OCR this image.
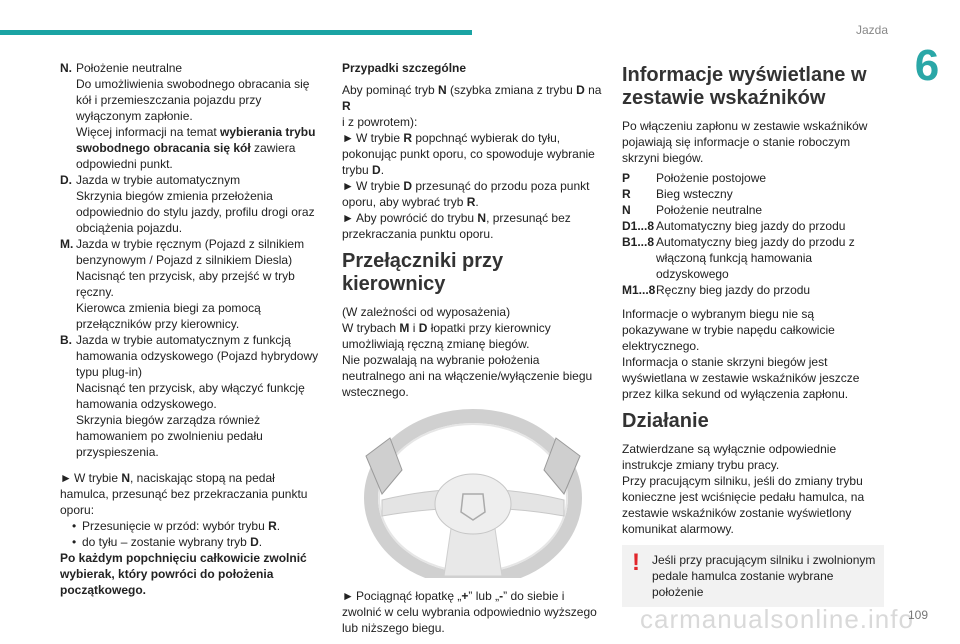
Jazda
6
N. Położenie neutralne
Do umożliwienia swobodnego obracania się kół i przemieszczania pojazdu przy wyłączonym zapłonie.
Więcej informacji na temat wybierania trybu swobodnego obracania się kół zawiera odpowiedni punkt.
D. Jazda w trybie automatycznym
Skrzynia biegów zmienia przełożenia odpowiednio do stylu jazdy, profilu drogi oraz obciążenia pojazdu.
M. Jazda w trybie ręcznym (Pojazd z silnikiem benzynowym / Pojazd z silnikiem Diesla)
Nacisnąć ten przycisk, aby przejść w tryb ręczny.
Kierowca zmienia biegi za pomocą przełączników przy kierownicy.
B. Jazda w trybie automatycznym z funkcją hamowania odzyskowego (Pojazd hybrydowy typu plug-in)
Nacisnąć ten przycisk, aby włączyć funkcję hamowania odzyskowego.
Skrzynia biegów zarządza również hamowaniem po zwolnieniu pedału przyspieszenia.
► W trybie N, naciskając stopą na pedał hamulca, przesunąć bez przekraczania punktu oporu:
• Przesunięcie w przód: wybór trybu R.
• do tyłu – zostanie wybrany tryb D.
Po każdym popchnięciu całkowicie zwolnić wybierak, który powróci do położenia początkowego.
Przypadki szczególne

Aby pominąć tryb N (szybka zmiana z trybu D na R
i z powrotem):
► W trybie R popchnąć wybierak do tyłu, pokonując punkt oporu, co spowoduje wybranie trybu D.
► W trybie D przesunąć do przodu poza punkt oporu, aby wybrać tryb R.
► Aby powrócić do trybu N, przesunąć bez przekraczania punktu oporu.

Przełączniki przy kierownicy

(W zależności od wyposażenia)
W trybach M i D łopatki przy kierownicy umożliwiają ręczną zmianę biegów.
Nie pozwalają na wybranie położenia neutralnego ani na włączenie/wyłączenie biegu wstecznego.

► Pociągnąć łopatkę „+” lub „-” do siebie i zwolnić w celu wybrania odpowiednio wyższego lub niższego biegu.

Informacje wyświetlane w zestawie wskaźników

Po włączeniu zapłonu w zestawie wskaźników pojawiają się informacje o stanie roboczym skrzyni biegów.

P	Położenie postojowe
R	Bieg wsteczny
N	Położenie neutralne
D1...8 Automatyczny bieg jazdy do przodu
B1...8 Automatyczny bieg jazdy do przodu z włączoną funkcją hamowania odzyskowego
M1...8 Ręczny bieg jazdy do przodu

Informacje o wybranym biegu nie są pokazywane w trybie napędu całkowicie elektrycznego.
Informacja o stanie skrzyni biegów jest wyświetlana w zestawie wskaźników jeszcze przez kilka sekund od wyłączenia zapłonu.

Działanie

Zatwierdzane są wyłącznie odpowiednie instrukcje zmiany trybu pracy.
Przy pracującym silniku, jeśli do zmiany trybu konieczne jest wciśnięcie pedału hamulca, na zestawie wskaźników zostanie wyświetlony komunikat alarmowy.

! Jeśli przy pracującym silniku i zwolnionym pedale hamulca zostanie wybrane położenie
carmanualsonline.info
109
